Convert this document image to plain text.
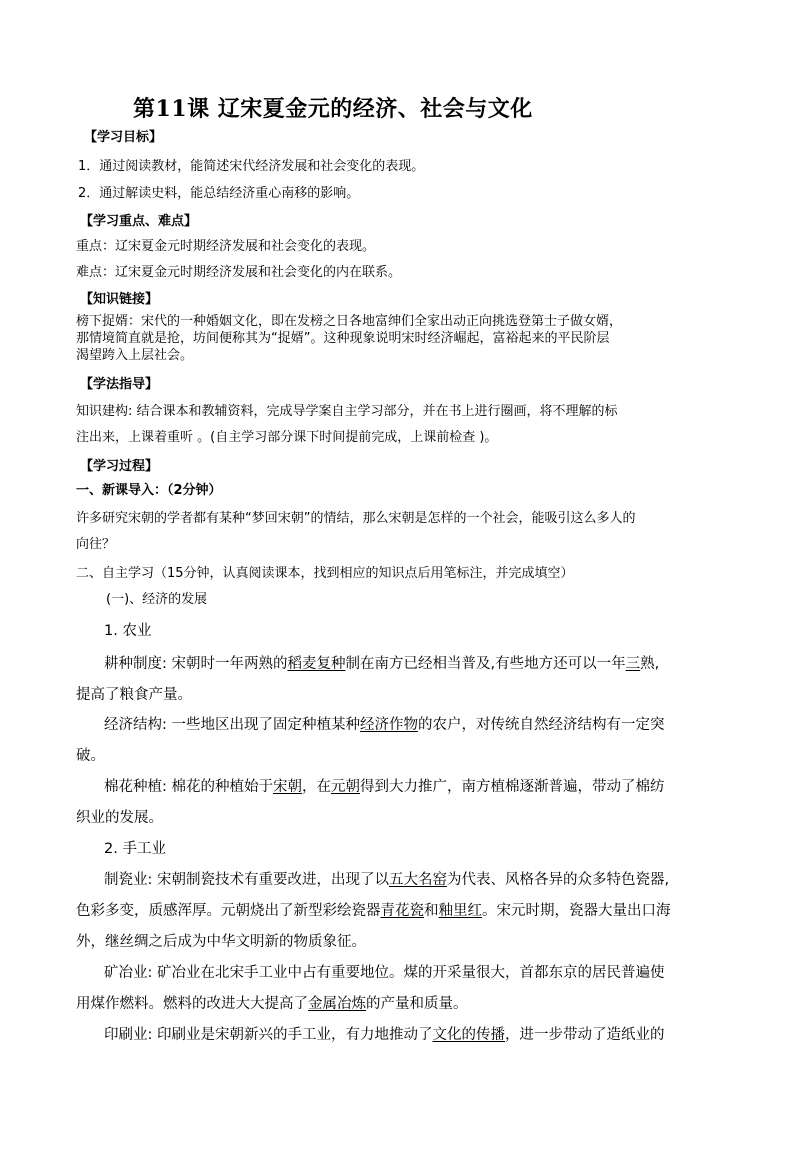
第11课 辽宋夏金元的经济、社会与文化
【学习目标】
1．通过阅读教材，能简述宋代经济发展和社会变化的表现。
2．通过解读史料，能总结经济重心南移的影响。
【学习重点、难点】
重点：辽宋夏金元时期经济发展和社会变化的表现。
难点：辽宋夏金元时期经济发展和社会变化的内在联系。
【知识链接】
榜下捉婿：宋代的一种婚姻文化，即在发榜之日各地富绅们全家出动正向挑选登第士子做女婿，
那情境简直就是抢，坊间便称其为“捉婿”。这种现象说明宋时经济崛起，富裕起来的平民阶层
渴望跨入上层社会。
【学法指导】
知识建构: 结合课本和教辅资料，完成导学案自主学习部分，并在书上进行圈画，将不理解的标
注出来，上课着重听 。(自主学习部分课下时间提前完成，上课前检查 )。
【学习过程】
一、新课导入：（2分钟）
许多研究宋朝的学者都有某种“梦回宋朝”的情结，那么宋朝是怎样的一个社会，能吸引这么多人的
向往？
二、自主学习（15分钟，认真阅读课本，找到相应的知识点后用笔标注，并完成填空）
(一)、经济的发展
1. 农业
耕种制度: 宋朝时一年两熟的稻麦复种制在南方已经相当普及,有些地方还可以一年三熟,
提高了粮食产量。
经济结构: 一些地区出现了固定种植某种经济作物的农户，对传统自然经济结构有一定突
破。
棉花种植: 棉花的种植始于宋朝，在元朝得到大力推广，南方植棉逐渐普遍，带动了棉纺
织业的发展。
2. 手工业
制瓷业: 宋朝制瓷技术有重要改进，出现了以五大名窑为代表、风格各异的众多特色瓷器,
色彩多变，质感浑厚。元朝烧出了新型彩绘瓷器青花瓷和釉里红。宋元时期，瓷器大量出口海
外，继丝绸之后成为中华文明新的物质象征。
矿冶业: 矿冶业在北宋手工业中占有重要地位。煤的开采量很大，首都东京的居民普遍使
用煤作燃料。燃料的改进大大提高了金属冶炼的产量和质量。
印刷业: 印刷业是宋朝新兴的手工业，有力地推动了文化的传播，进一步带动了造纸业的
